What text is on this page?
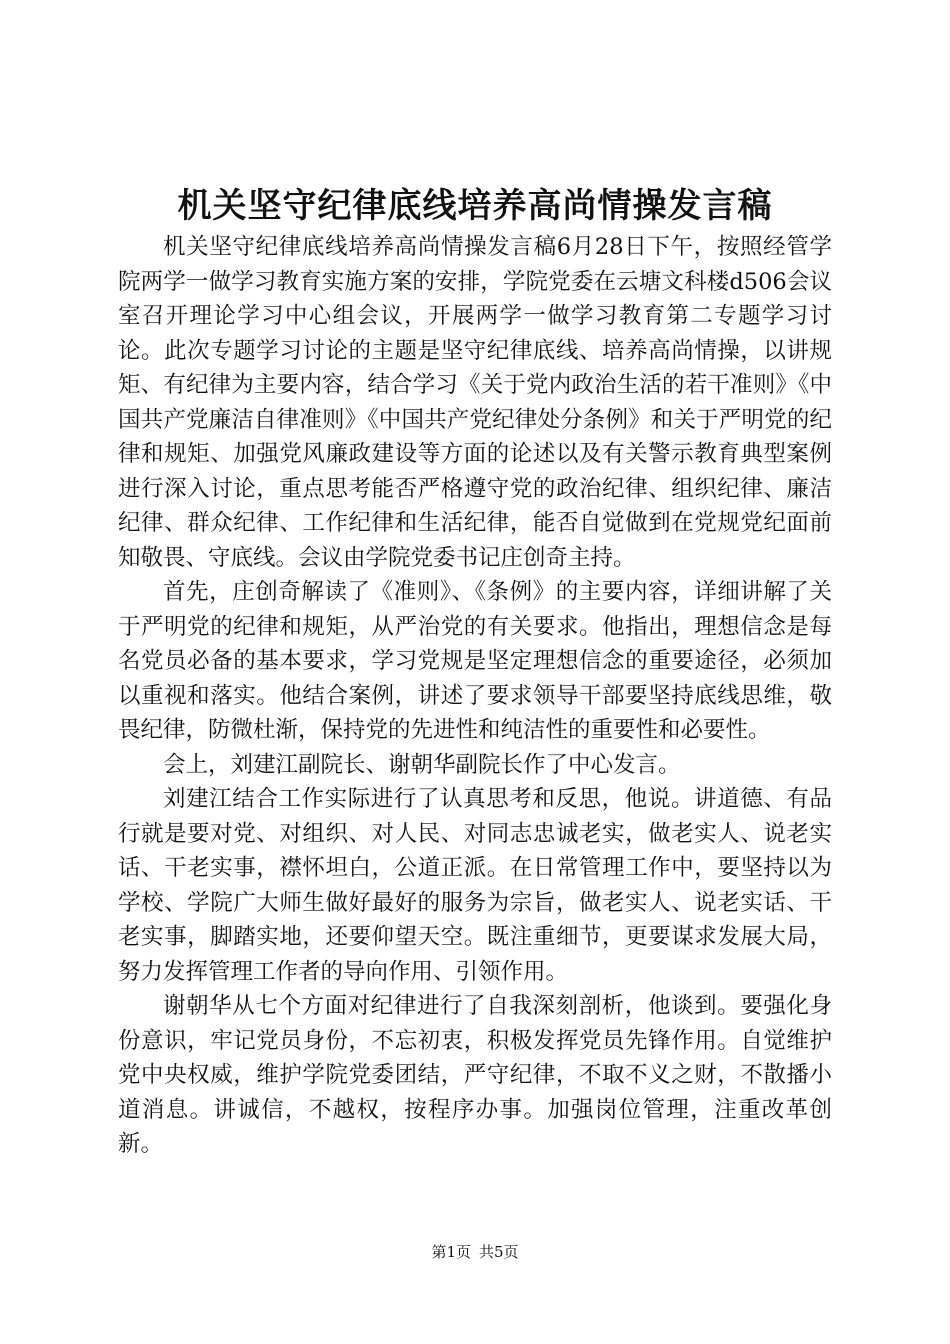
机关坚守纪律底线培养高尚情操发言稿

机关坚守纪律底线培养高尚情操发言稿6月28日下午，按照经管学院两学一做学习教育实施方案的安排，学院党委在云塘文科楼d506会议室召开理论学习中心组会议，开展两学一做学习教育第二专题学习讨论。此次专题学习讨论的主题是坚守纪律底线、培养高尚情操，以讲规矩、有纪律为主要内容，结合学习《关于党内政治生活的若干准则》《中国共产党廉洁自律准则》《中国共产党纪律处分条例》和关于严明党的纪律和规矩、加强党风廉政建设等方面的论述以及有关警示教育典型案例进行深入讨论，重点思考能否严格遵守党的政治纪律、组织纪律、廉洁纪律、群众纪律、工作纪律和生活纪律，能否自觉做到在党规党纪面前知敬畏、守底线。会议由学院党委书记庄创奇主持。

首先，庄创奇解读了《准则》、《条例》的主要内容，详细讲解了关于严明党的纪律和规矩，从严治党的有关要求。他指出，理想信念是每名党员必备的基本要求，学习党规是坚定理想信念的重要途径，必须加以重视和落实。他结合案例，讲述了要求领导干部要坚持底线思维，敬畏纪律，防微杜渐，保持党的先进性和纯洁性的重要性和必要性。

会上，刘建江副院长、谢朝华副院长作了中心发言。

刘建江结合工作实际进行了认真思考和反思，他说。讲道德、有品行就是要对党、对组织、对人民、对同志忠诚老实，做老实人、说老实话、干老实事，襟怀坦白，公道正派。在日常管理工作中，要坚持以为学校、学院广大师生做好最好的服务为宗旨，做老实人、说老实话、干老实事，脚踏实地，还要仰望天空。既注重细节，更要谋求发展大局，努力发挥管理工作者的导向作用、引领作用。

谢朝华从七个方面对纪律进行了自我深刻剖析，他谈到。要强化身份意识，牢记党员身份，不忘初衷，积极发挥党员先锋作用。自觉维护党中央权威，维护学院党委团结，严守纪律，不取不义之财，不散播小道消息。讲诚信，不越权，按程序办事。加强岗位管理，注重改革创新。

第1页 共5页
